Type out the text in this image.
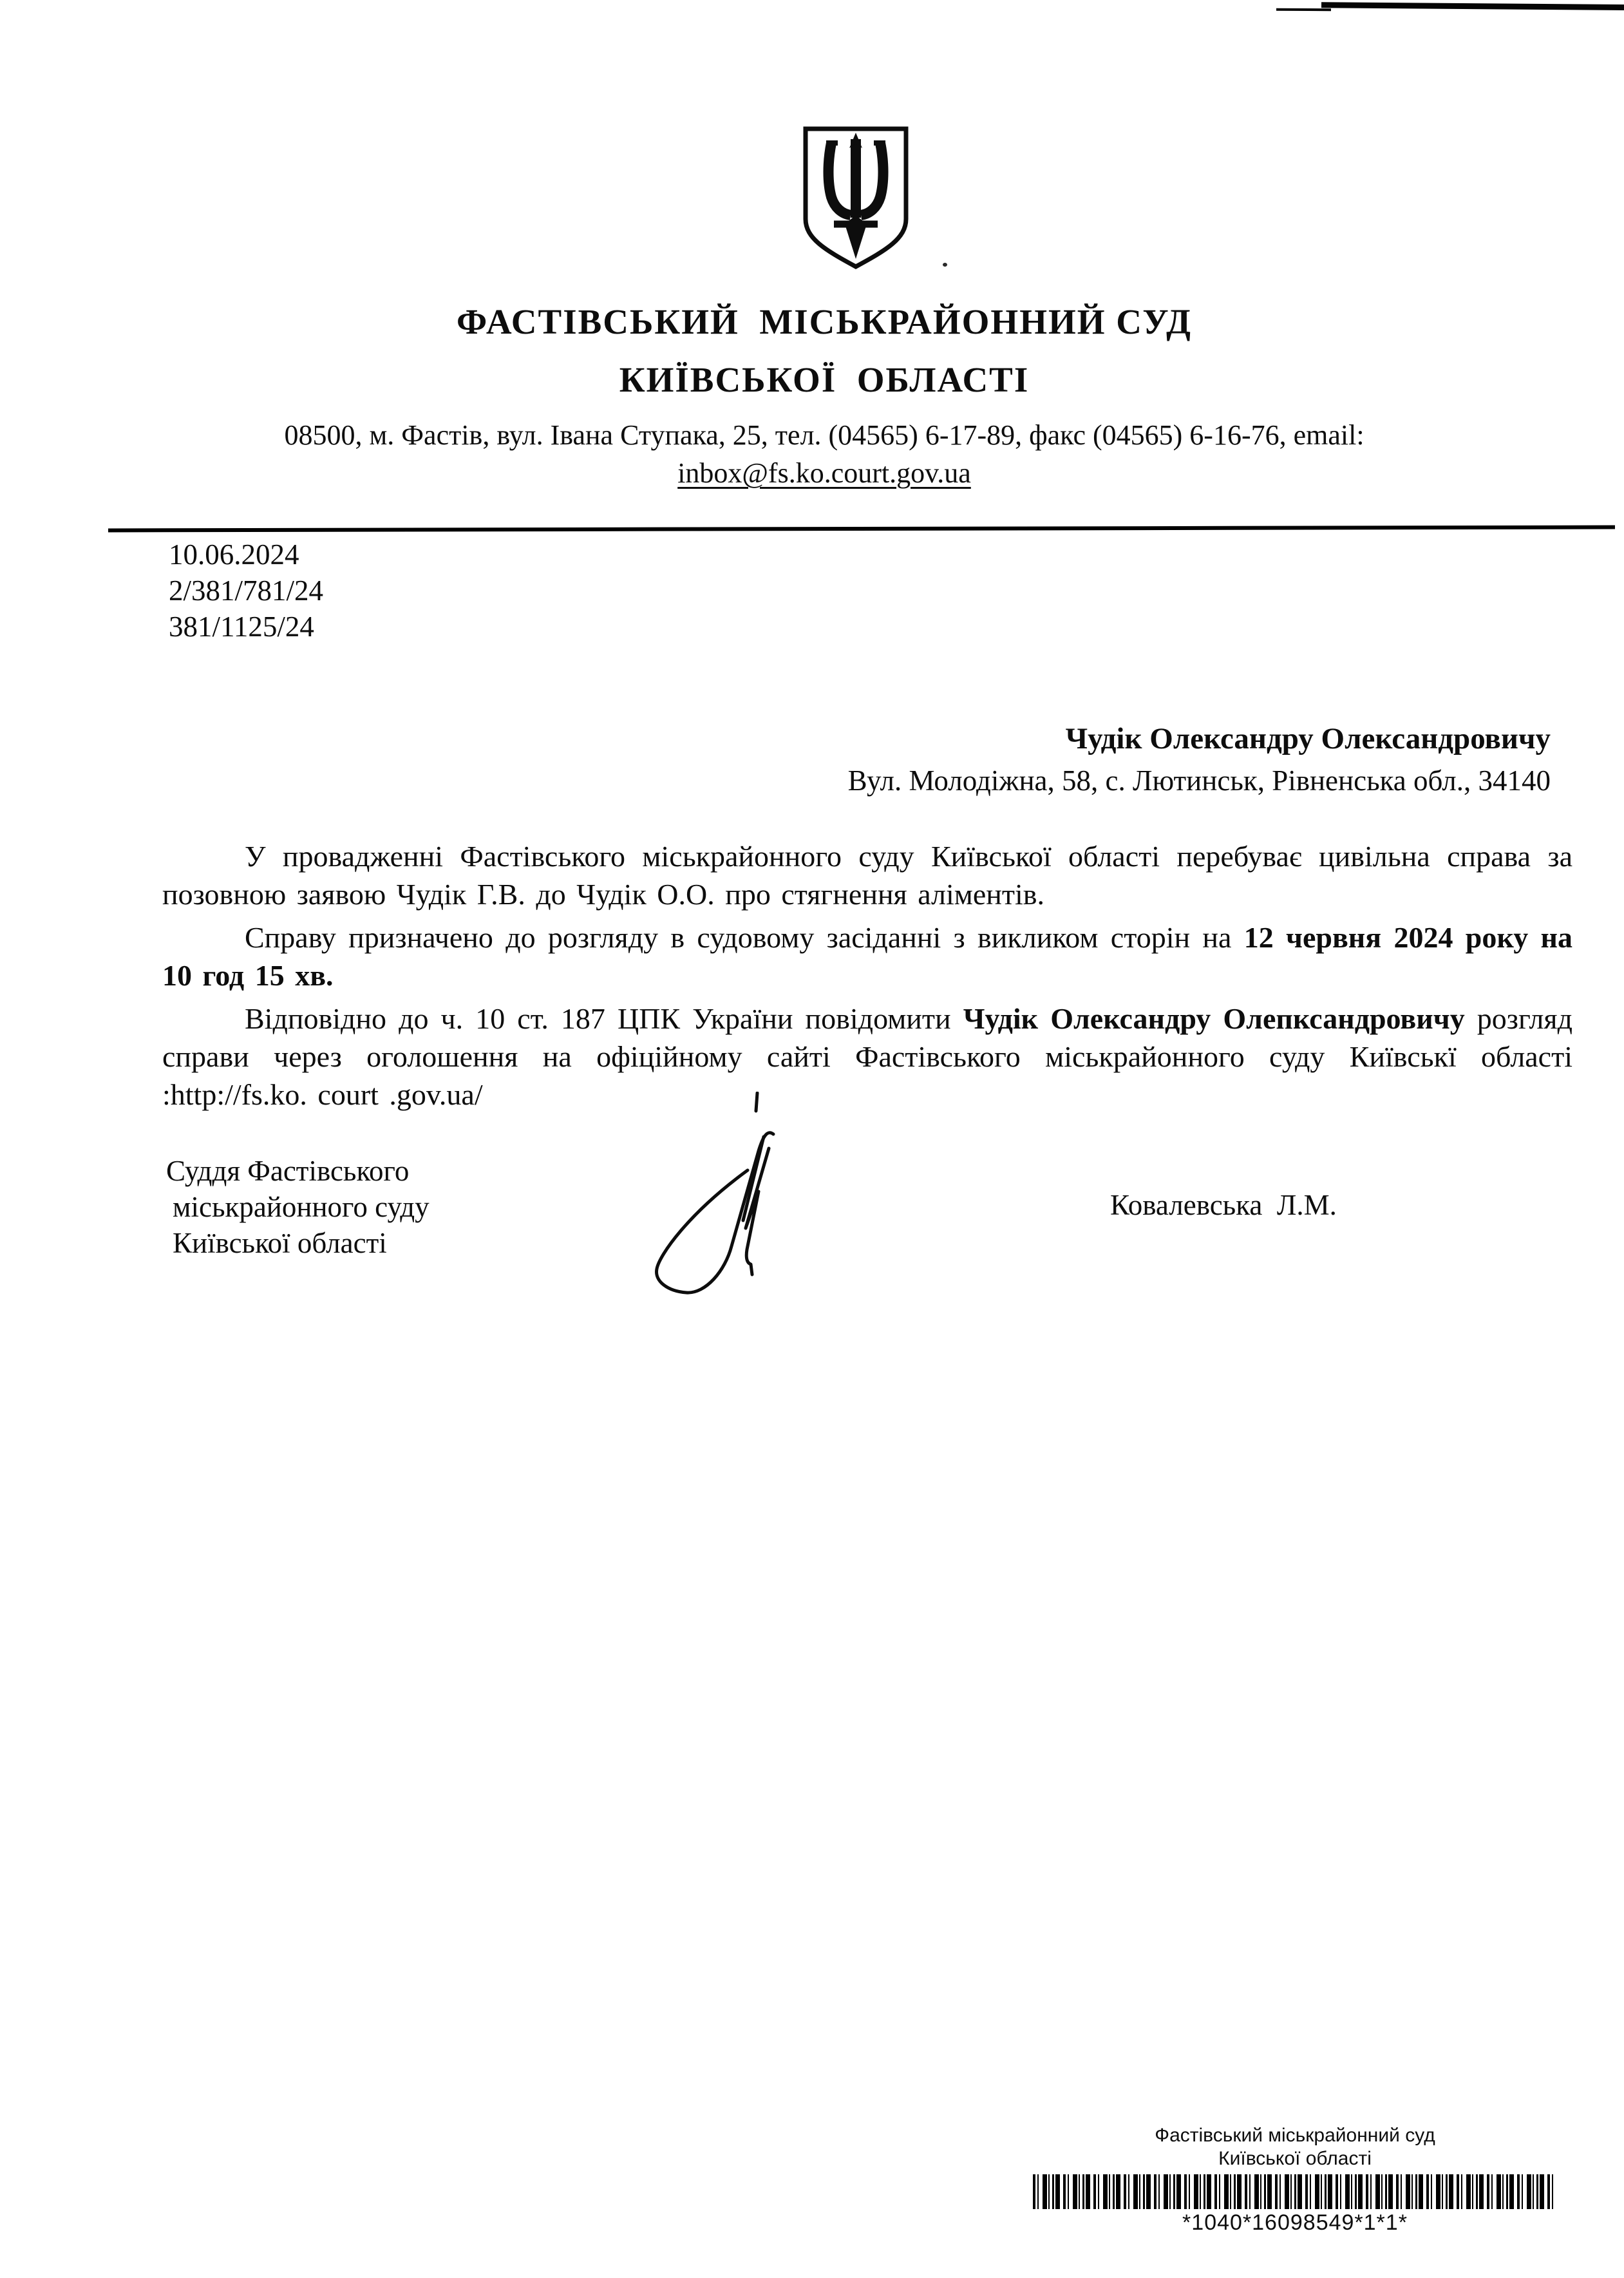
ФАСТІВСЬКИЙ  МІСЬКРАЙОННИЙ СУД
КИЇВСЬКОЇ  ОБЛАСТІ
08500, м. Фастів, вул. Івана Ступака, 25, тел. (04565) 6-17-89, факс (04565) 6-16-76, email:
inbox@fs.ko.court.gov.ua
10.06.2024
2/381/781/24
381/1125/24
Чудік Олександру Олександровичу
Вул. Молодіжна, 58, с. Лютинськ, Рівненська обл., 34140

У провадженні Фастівського міськрайонного суду Київської області перебуває цивільна справа за позовною заявою Чудік Г.В. до Чудік О.О. про стягнення аліментів.

Справу призначено до розгляду в судовому засіданні з викликом сторін на 12 червня 2024 року на 10 год 15 хв.

Відповідно до ч. 10 ст. 187 ЦПК України повідомити Чудік Олександру Олепксандровичу розгляд справи через оголошення на офіційному сайті Фастівського міськрайонного суду Київськї області :http://fs.ko. court .gov.ua/

Суддя Фастівського
міськрайонного суду
Київської області
Ковалевська  Л.М.
Фастівський міськрайонний суд
Київської області
*1040*16098549*1*1*
